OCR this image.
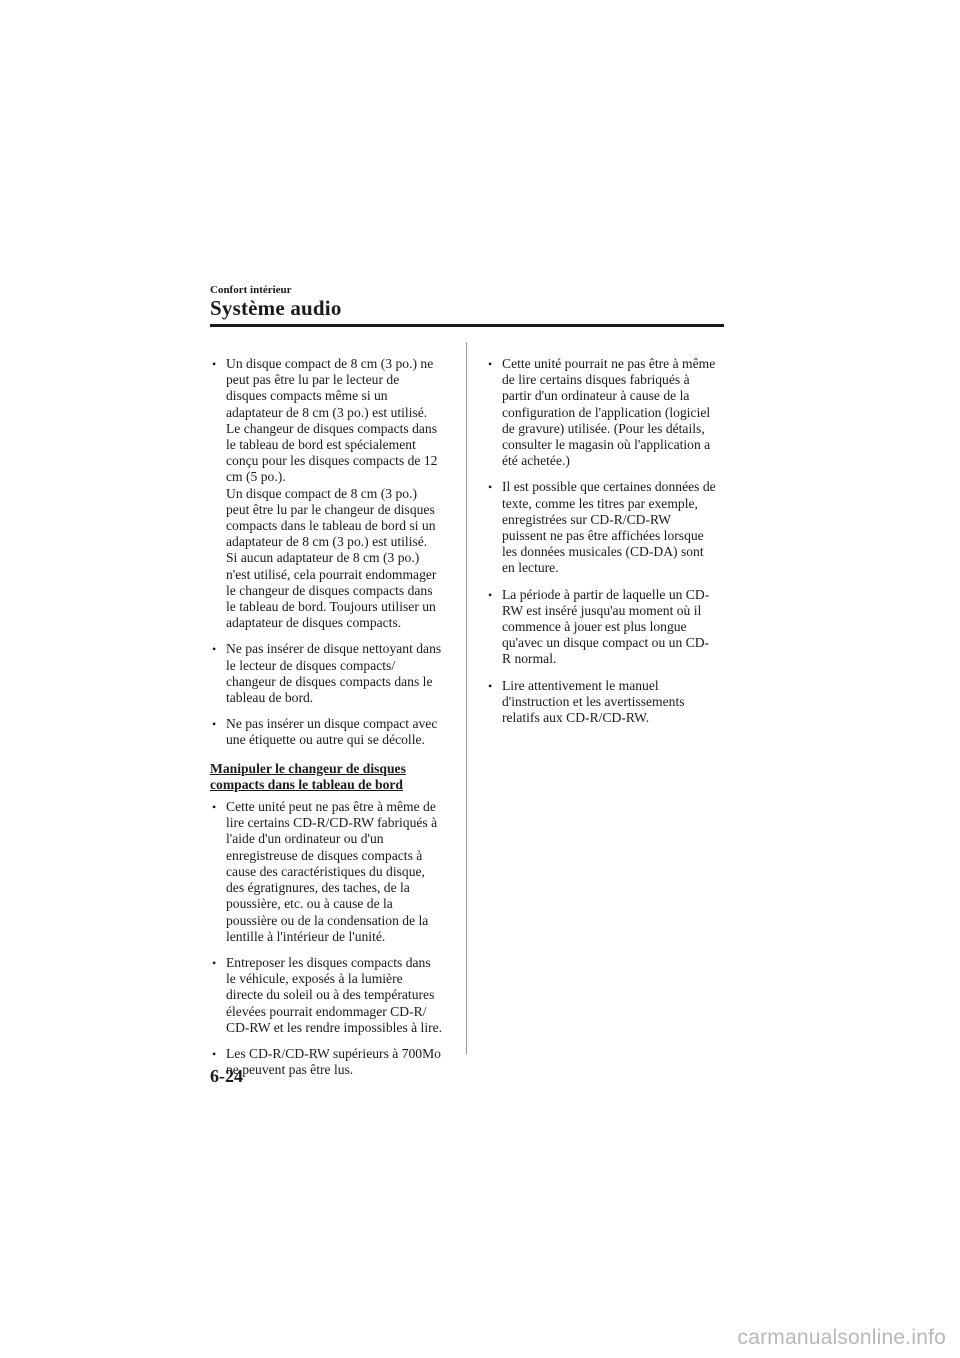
Confort intérieur
Système audio
• Un disque compact de 8 cm (3 po.) ne
peut pas être lu par le lecteur de
disques compacts même si un
adaptateur de 8 cm (3 po.) est utilisé.
Le changeur de disques compacts dans
le tableau de bord est spécialement
conçu pour les disques compacts de 12
cm (5 po.).
Un disque compact de 8 cm (3 po.)
peut être lu par le changeur de disques
compacts dans le tableau de bord si un
adaptateur de 8 cm (3 po.) est utilisé.
Si aucun adaptateur de 8 cm (3 po.)
n'est utilisé, cela pourrait endommager
le changeur de disques compacts dans
le tableau de bord. Toujours utiliser un
adaptateur de disques compacts.
• Ne pas insérer de disque nettoyant dans
le lecteur de disques compacts/
changeur de disques compacts dans le
tableau de bord.
• Ne pas insérer un disque compact avec
une étiquette ou autre qui se décolle.
Manipuler le changeur de disques
compacts dans le tableau de bord
• Cette unité peut ne pas être à même de
lire certains CD-R/CD-RW fabriqués à
l'aide d'un ordinateur ou d'un
enregistreuse de disques compacts à
cause des caractéristiques du disque,
des égratignures, des taches, de la
poussière, etc. ou à cause de la
poussière ou de la condensation de la
lentille à l'intérieur de l'unité.
• Entreposer les disques compacts dans
le véhicule, exposés à la lumière
directe du soleil ou à des températures
élevées pourrait endommager CD-R/
CD-RW et les rendre impossibles à lire.
• Les CD-R/CD-RW supérieurs à 700Mo
ne peuvent pas être lus.
• Cette unité pourrait ne pas être à même
de lire certains disques fabriqués à
partir d'un ordinateur à cause de la
configuration de l'application (logiciel
de gravure) utilisée. (Pour les détails,
consulter le magasin où l'application a
été achetée.)
• Il est possible que certaines données de
texte, comme les titres par exemple,
enregistrées sur CD-R/CD-RW
puissent ne pas être affichées lorsque
les données musicales (CD-DA) sont
en lecture.
• La période à partir de laquelle un CD-
RW est inséré jusqu'au moment où il
commence à jouer est plus longue
qu'avec un disque compact ou un CD-
R normal.
• Lire attentivement le manuel
d'instruction et les avertissements
relatifs aux CD-R/CD-RW.
6-24
carmanualsonline.info
